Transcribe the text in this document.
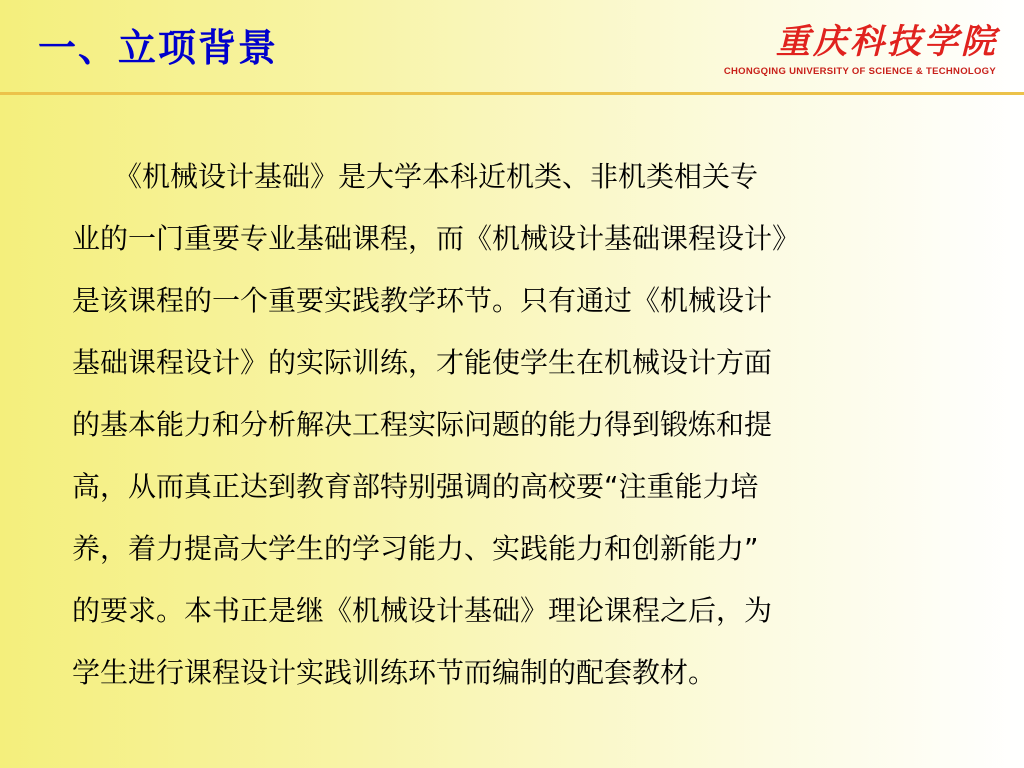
一、立项背景	重庆科技学院
CHONGQING UNIVERSITY OF SCIENCE & TECHNOLOGY

　　《机械设计基础》是大学本科近机类、非机类相关专
业的一门重要专业基础课程，而《机械设计基础课程设计》
是该课程的一个重要实践教学环节。只有通过《机械设计
基础课程设计》的实际训练，才能使学生在机械设计方面
的基本能力和分析解决工程实际问题的能力得到锻炼和提
高，从而真正达到教育部特别强调的高校要“注重能力培
养，着力提高大学生的学习能力、实践能力和创新能力”
的要求。本书正是继《机械设计基础》理论课程之后，为
学生进行课程设计实践训练环节而编制的配套教材。
